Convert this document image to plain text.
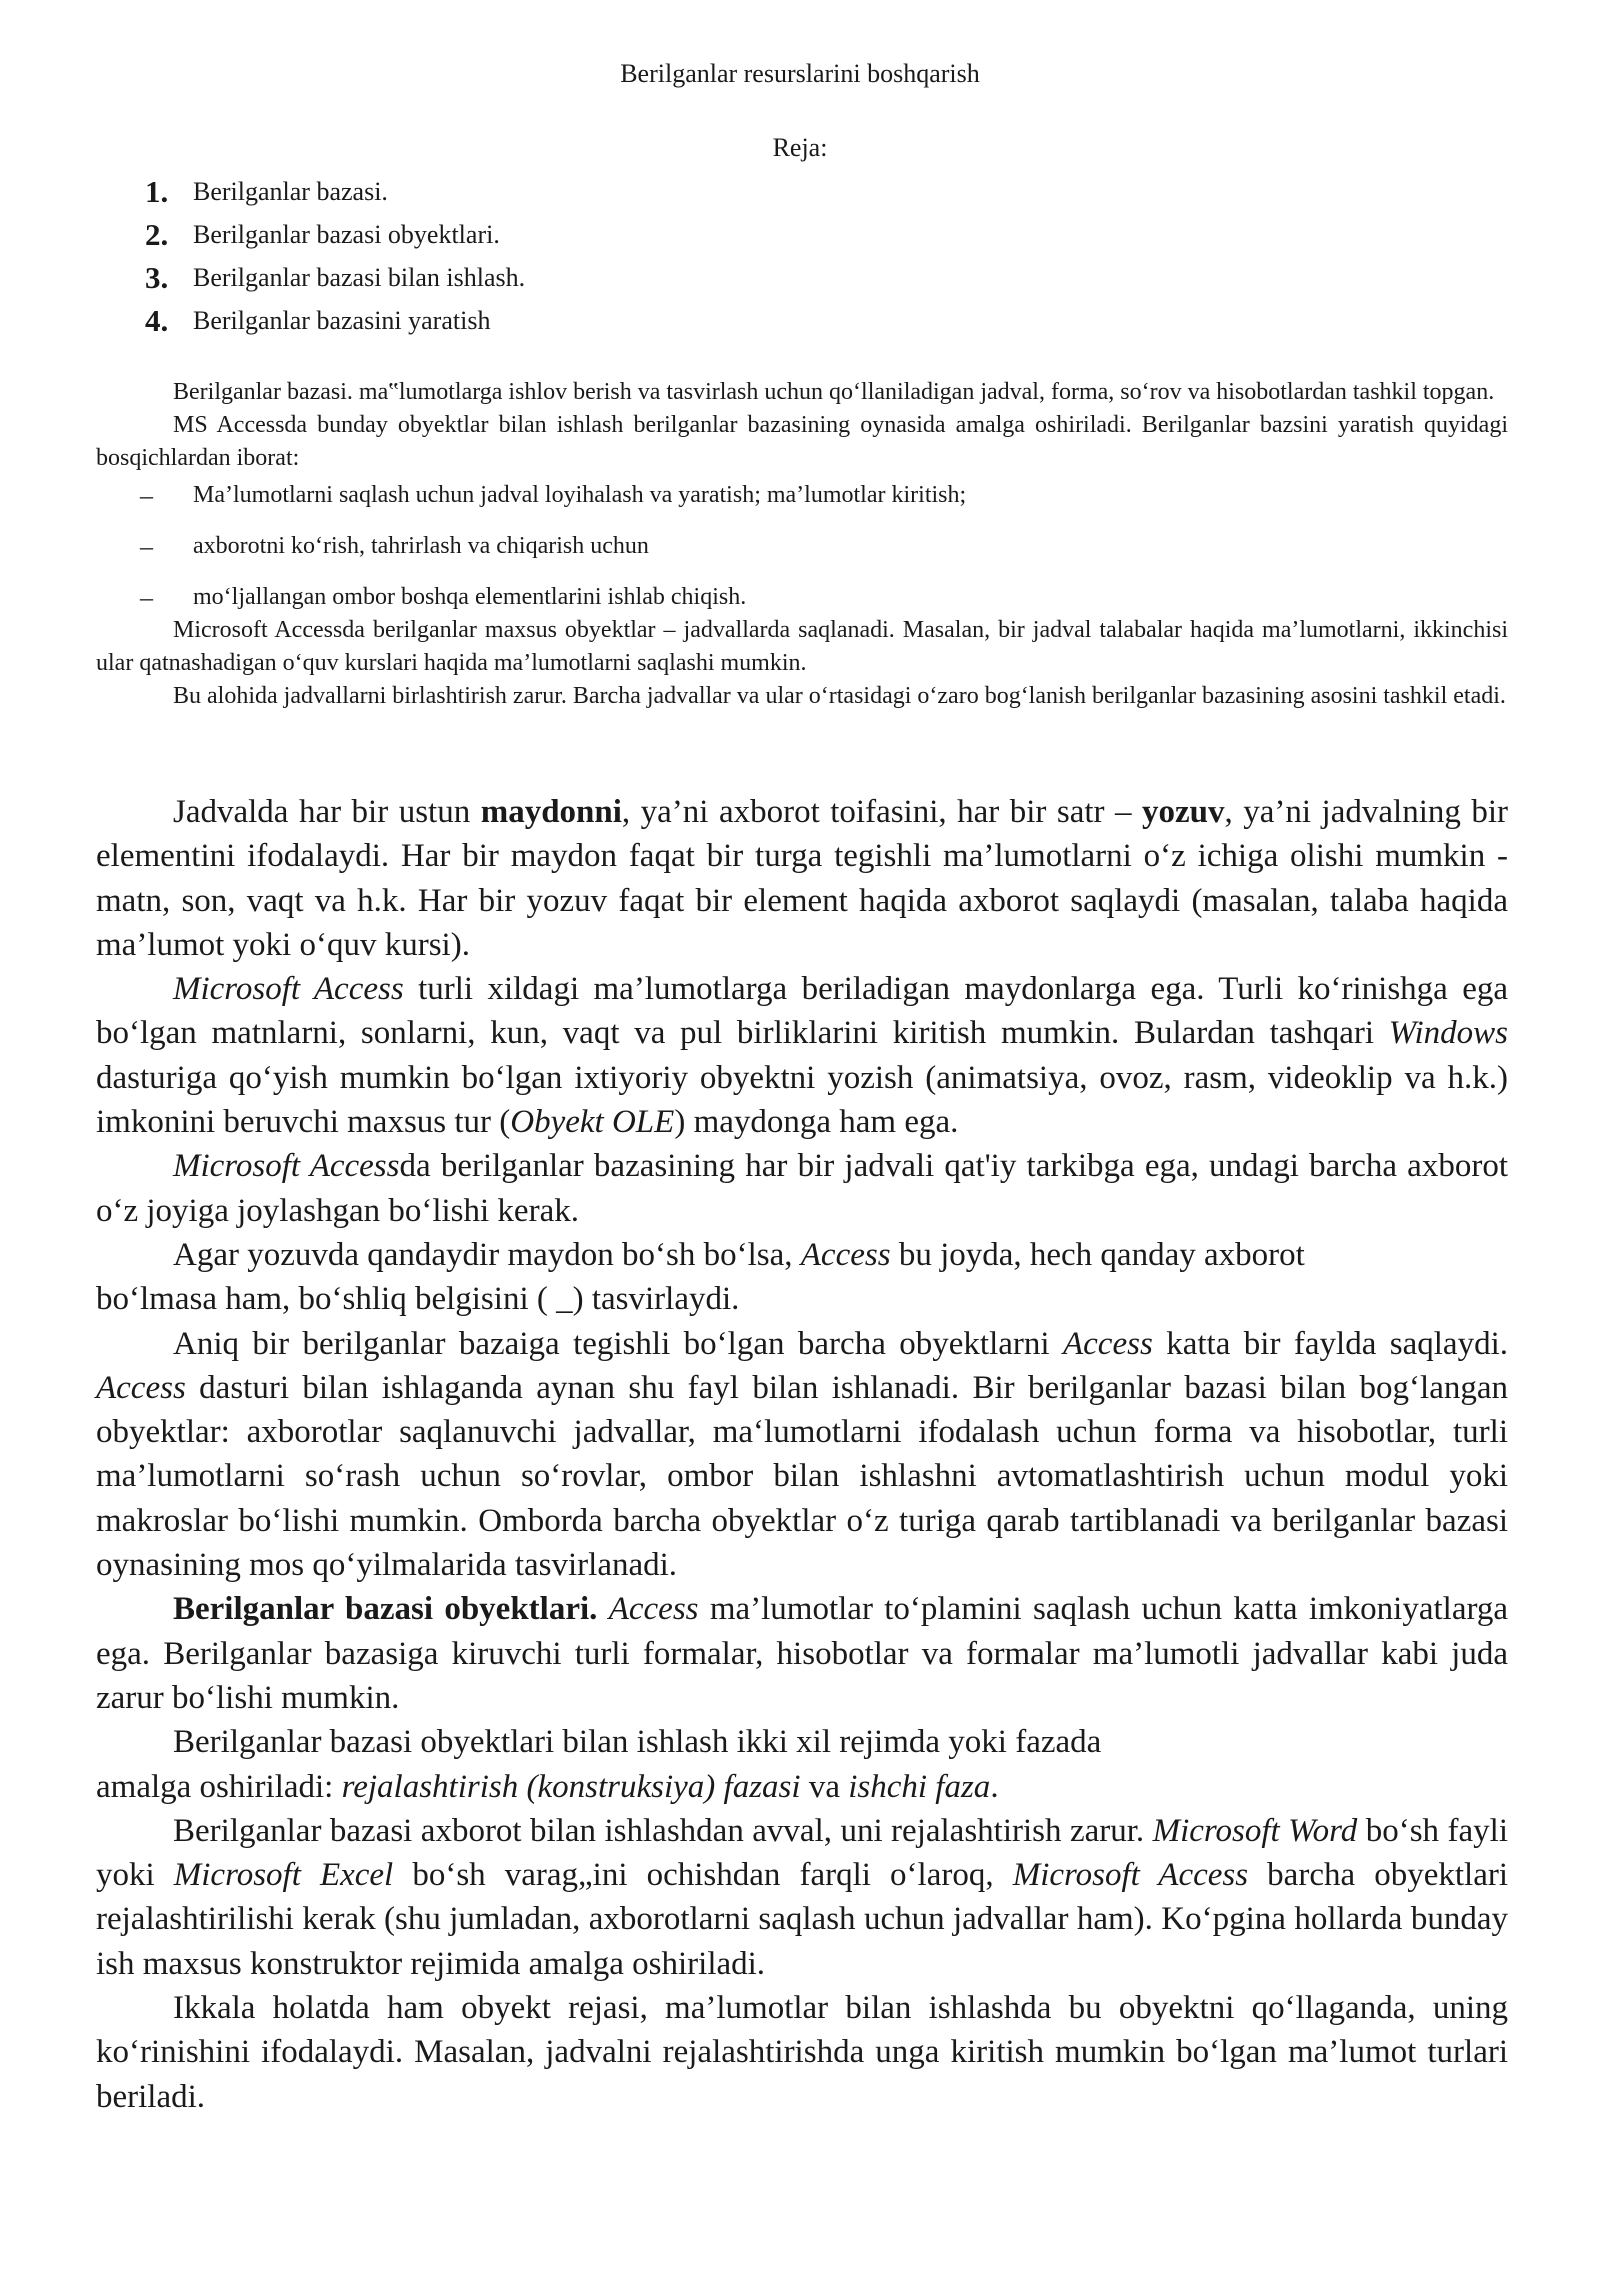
Berilganlar resurslarini boshqarish
Reja:
1. Berilganlar bazasi.
2. Berilganlar bazasi obyektlari.
3. Berilganlar bazasi bilan ishlash.
4. Berilganlar bazasini yaratish

Berilganlar bazasi. ma‟lumotlarga ishlov berish va tasvirlash uchun qo‘llaniladigan jadval, forma, so‘rov va hisobotlardan tashkil topgan.

MS Accessda bunday obyektlar bilan ishlash berilganlar bazasining oynasida amalga oshiriladi. Berilganlar bazsini yaratish quyidagi bosqichlardan iborat:

–	Ma’lumotlarni saqlash uchun jadval loyihalash va yaratish; ma’lumotlar kiritish;
–	axborotni ko‘rish, tahrirlash va chiqarish uchun
–	mo‘ljallangan ombor boshqa elementlarini ishlab chiqish.

Microsoft Accessda berilganlar maxsus obyektlar – jadvallarda saqlanadi. Masalan, bir jadval talabalar haqida ma’lumotlarni, ikkinchisi ular qatnashadigan o‘quv kurslari haqida ma’lumotlarni saqlashi mumkin.

Bu alohida jadvallarni birlashtirish zarur. Barcha jadvallar va ular o‘rtasidagi o‘zaro bog‘lanish berilganlar bazasining asosini tashkil etadi.

Jadvalda har bir ustun maydonni, ya’ni axborot toifasini, har bir satr – yozuv, ya’ni jadvalning bir elementini ifodalaydi. Har bir maydon faqat bir turga tegishli ma’lumotlarni o‘z ichiga olishi mumkin - matn, son, vaqt va h.k. Har bir yozuv faqat bir element haqida axborot saqlaydi (masalan, talaba haqida ma’lumot yoki o‘quv kursi).

Microsoft Access turli xildagi ma’lumotlarga beriladigan maydonlarga ega. Turli ko‘rinishga ega bo‘lgan matnlarni, sonlarni, kun, vaqt va pul birliklarini kiritish mumkin. Bulardan tashqari Windows dasturiga qo‘yish mumkin bo‘lgan ixtiyoriy obyektni yozish (animatsiya, ovoz, rasm, videoklip va h.k.) imkonini beruvchi maxsus tur (Obyekt OLE) maydonga ham ega.

Microsoft Accessda berilganlar bazasining har bir jadvali qat'iy tarkibga ega, undagi barcha axborot o‘z joyiga joylashgan bo‘lishi kerak.

Agar yozuvda qandaydir maydon bo‘sh bo‘lsa, Access bu joyda, hech qanday axborot

bo‘lmasa ham, bo‘shliq belgisini ( _) tasvirlaydi.

Aniq bir berilganlar bazaiga tegishli bo‘lgan barcha obyektlarni Access katta bir faylda saqlaydi. Access dasturi bilan ishlaganda aynan shu fayl bilan ishlanadi. Bir berilganlar bazasi bilan bog‘langan obyektlar: axborotlar saqlanuvchi jadvallar, ma‘lumotlarni ifodalash uchun forma va hisobotlar, turli ma’lumotlarni so‘rash uchun so‘rovlar, ombor bilan ishlashni avtomatlashtirish uchun modul yoki makroslar bo‘lishi mumkin. Omborda barcha obyektlar o‘z turiga qarab tartiblanadi va berilganlar bazasi oynasining mos qo‘yilmalarida tasvirlanadi.

Berilganlar bazasi obyektlari. Access ma’lumotlar to‘plamini saqlash uchun katta imkoniyatlarga ega. Berilganlar bazasiga kiruvchi turli formalar, hisobotlar va formalar ma’lumotli jadvallar kabi juda zarur bo‘lishi mumkin.

Berilganlar bazasi obyektlari bilan ishlash ikki xil rejimda yoki fazada

amalga oshiriladi: rejalashtirish (konstruksiya) fazasi va ishchi faza.

Berilganlar bazasi axborot bilan ishlashdan avval, uni rejalashtirish zarur. Microsoft Word bo‘sh fayli yoki Microsoft Excel bo‘sh varag„ini ochishdan farqli o‘laroq, Microsoft Access barcha obyektlari rejalashtirilishi kerak (shu jumladan, axborotlarni saqlash uchun jadvallar ham). Ko‘pgina hollarda bunday ish maxsus konstruktor rejimida amalga oshiriladi.

Ikkala holatda ham obyekt rejasi, ma’lumotlar bilan ishlashda bu obyektni qo‘llaganda, uning ko‘rinishini ifodalaydi. Masalan, jadvalni rejalashtirishda unga kiritish mumkin bo‘lgan ma’lumot turlari beriladi.
